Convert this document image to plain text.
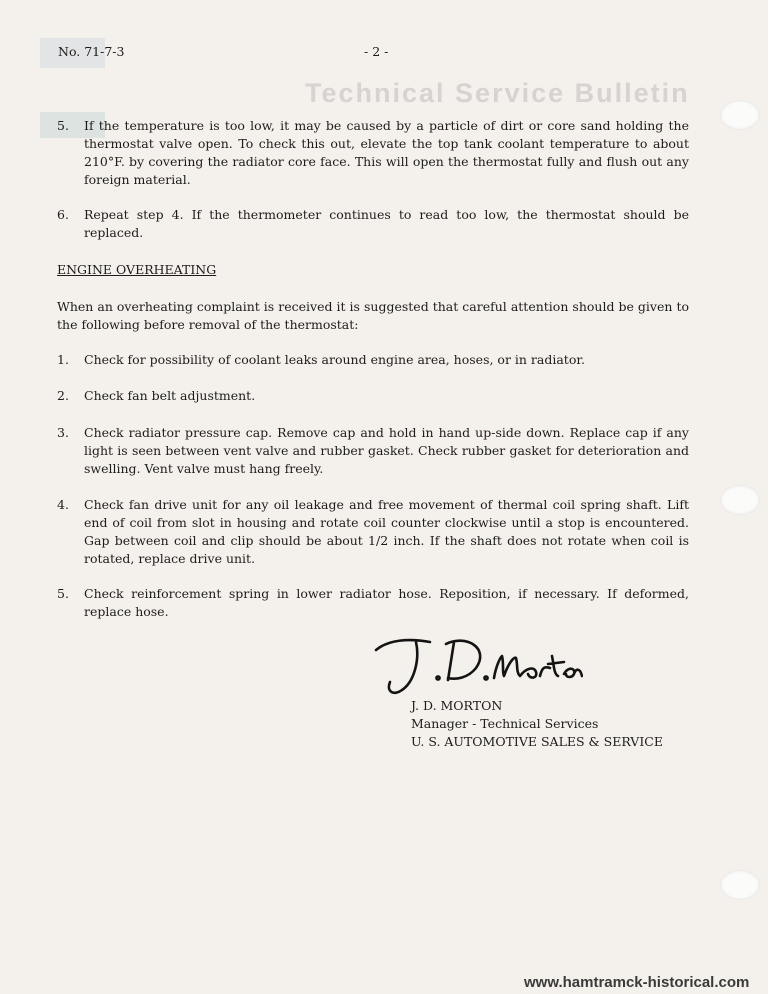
Technical Service Bulletin
No. 71-7-3	- 2 -
5. If the temperature is too low, it may be caused by a particle of dirt or core sand holding the thermostat valve open. To check this out, elevate the top tank coolant temperature to about 210°F. by covering the radiator core face. This will open the thermostat fully and flush out any foreign material.
6. Repeat step 4. If the thermometer continues to read too low, the thermostat should be replaced.
ENGINE OVERHEATING
When an overheating complaint is received it is suggested that careful attention should be given to the following before removal of the thermostat:
1. Check for possibility of coolant leaks around engine area, hoses, or in radiator.
2. Check fan belt adjustment.
3. Check radiator pressure cap. Remove cap and hold in hand up-side down. Replace cap if any light is seen between vent valve and rubber gasket. Check rubber gasket for deterioration and swelling. Vent valve must hang freely.
4. Check fan drive unit for any oil leakage and free movement of thermal coil spring shaft. Lift end of coil from slot in housing and rotate coil counter clockwise until a stop is encountered. Gap between coil and clip should be about 1/2 inch. If the shaft does not rotate when coil is rotated, replace drive unit.
5. Check reinforcement spring in lower radiator hose. Reposition, if necessary. If deformed, replace hose.
J. D. MORTON
Manager - Technical Services
U. S. AUTOMOTIVE SALES & SERVICE
www.hamtramck-historical.com
